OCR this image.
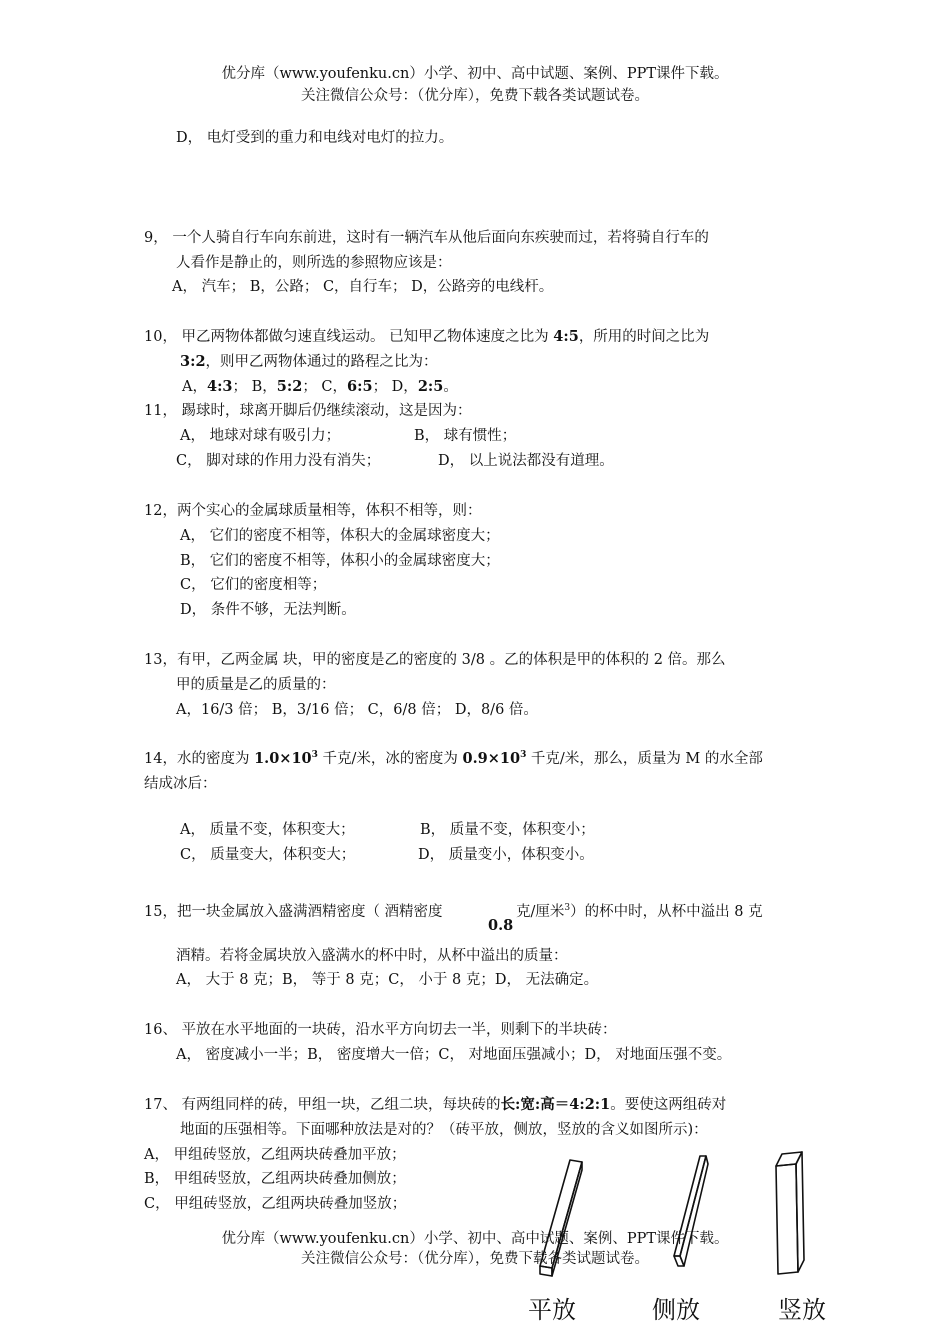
优分库（www.youfenku.cn）小学、初中、高中试题、案例、PPT课件下载。
关注微信公众号：（优分库），免费下载各类试题试卷。
D， 电灯受到的重力和电线对电灯的拉力。
9， 一个人骑自行车向东前进，这时有一辆汽车从他后面向东疾驶而过，若将骑自行车的
人看作是静止的，则所选的参照物应该是：
A， 汽车； B，公路； C，自行车； D，公路旁的电线杆。
10， 甲乙两物体都做匀速直线运动。 已知甲乙物体速度之比为 4:5，所用的时间之比为
3:2，则甲乙两物体通过的路程之比为：
A，4:3； B，5:2； C，6:5； D，2:5。
11， 踢球时，球离开脚后仍继续滚动，这是因为：
A， 地球对球有吸引力；	B， 球有惯性；
C， 脚对球的作用力没有消失；	D， 以上说法都没有道理。
12，两个实心的金属球质量相等，体积不相等，则：
A， 它们的密度不相等，体积大的金属球密度大；
B， 它们的密度不相等，体积小的金属球密度大；
C， 它们的密度相等；
D， 条件不够，无法判断。
13，有甲，乙两金属 块，甲的密度是乙的密度的 3/8 。乙的体积是甲的体积的 2 倍。那么
甲的质量是乙的质量的：
A，16/3 倍； B，3/16 倍； C，6/8 倍； D，8/6 倍。
14，水的密度为 $1.0\times 10^3$ 千克/米，冰的密度为 $0.9\times 10^3$ 千克/米，那么，质量为 M 的水全部
结成冰后：
A， 质量不变，体积变大；	B， 质量不变，体积变小；
C， 质量变大，体积变大；	D， 质量变小，体积变小。
15，把一块金属放入盛满酒精密度（ 酒精密度
0.8
克/厘米$^3$）的杯中时，从杯中溢出 8 克
酒精。若将金属块放入盛满水的杯中时，从杯中溢出的质量：
A， 大于 8 克；B， 等于 8 克；C， 小于 8 克；D， 无法确定。
16、 平放在水平地面的一块砖，沿水平方向切去一半，则剩下的半块砖：
A， 密度减小一半；B， 密度增大一倍；C， 对地面压强减小；D， 对地面压强不变。
17、 有两组同样的砖，甲组一块，乙组二块，每块砖的长:宽:高＝4:2:1。要使这两组砖对
地面的压强相等。下面哪种放法是对的？（砖平放，侧放，竖放的含义如图所示)：
A， 甲组砖竖放，乙组两块砖叠加平放；
B， 甲组砖竖放，乙组两块砖叠加侧放；
C， 甲组砖竖放，乙组两块砖叠加竖放；
优分库（www.youfenku.cn）小学、初中、高中试题、案例、PPT课件下载。
关注微信公众号：（优分库），免费下载各类试题试卷。
平放	侧放	竖放
